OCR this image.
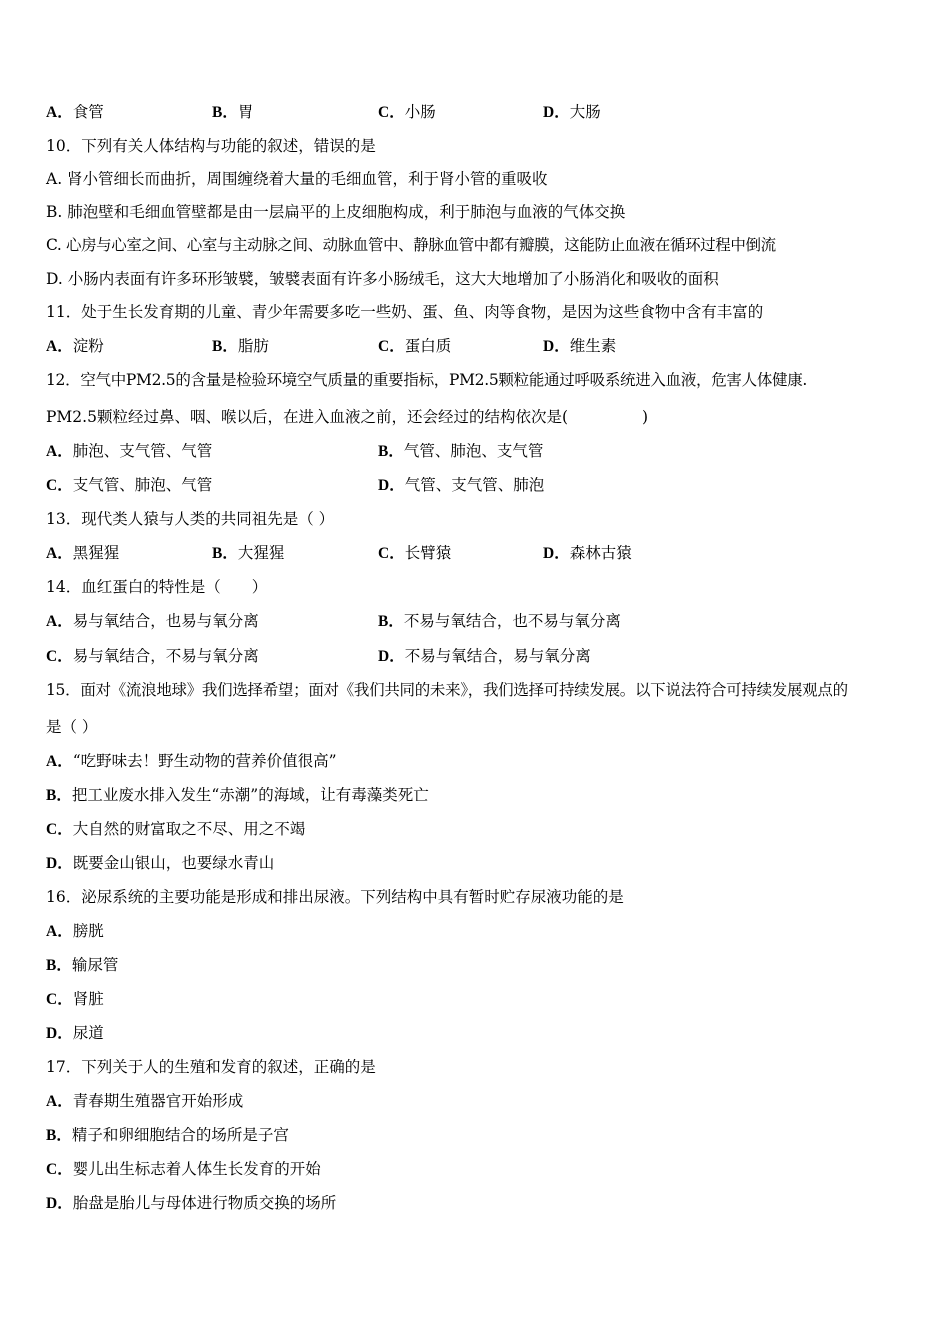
A．食管	B．胃	C．小肠	D．大肠
10．下列有关人体结构与功能的叙述，错误的是
A. 肾小管细长而曲折，周围缠绕着大量的毛细血管，利于肾小管的重吸收
B. 肺泡壁和毛细血管壁都是由一层扁平的上皮细胞构成，利于肺泡与血液的气体交换
C. 心房与心室之间、心室与主动脉之间、动脉血管中、静脉血管中都有瓣膜，这能防止血液在循环过程中倒流
D. 小肠内表面有许多环形皱襞，皱襞表面有许多小肠绒毛，这大大地增加了小肠消化和吸收的面积
11．处于生长发育期的儿童、青少年需要多吃一些奶、蛋、鱼、肉等食物，是因为这些食物中含有丰富的
A．淀粉	B．脂肪	C．蛋白质	D．维生素
12．空气中PM2.5的含量是检验环境空气质量的重要指标，PM2.5颗粒能通过呼吸系统进入血液，危害人体健康.
PM2.5颗粒经过鼻、咽、喉以后，在进入血液之前，还会经过的结构依次是(	)
A．肺泡、支气管、气管	B．气管、肺泡、支气管
C．支气管、肺泡、气管	D．气管、支气管、肺泡
13．现代类人猿与人类的共同祖先是（ ）
A．黑猩猩	B．大猩猩	C．长臂猿	D．森林古猿
14．血红蛋白的特性是（　　）
A．易与氧结合，也易与氧分离	B．不易与氧结合，也不易与氧分离
C．易与氧结合，不易与氧分离	D．不易与氧结合，易与氧分离
15．面对《流浪地球》我们选择希望；面对《我们共同的未来》，我们选择可持续发展。以下说法符合可持续发展观点的
是（ ）
A．“吃野味去！野生动物的营养价值很高”
B．把工业废水排入发生“赤潮”的海域，让有毒藻类死亡
C．大自然的财富取之不尽、用之不竭
D．既要金山银山，也要绿水青山
16．泌尿系统的主要功能是形成和排出尿液。下列结构中具有暂时贮存尿液功能的是
A．膀胱
B．输尿管
C．肾脏
D．尿道
17．下列关于人的生殖和发育的叙述，正确的是
A．青春期生殖器官开始形成
B．精子和卵细胞结合的场所是子宫
C．婴儿出生标志着人体生长发育的开始
D．胎盘是胎儿与母体进行物质交换的场所
